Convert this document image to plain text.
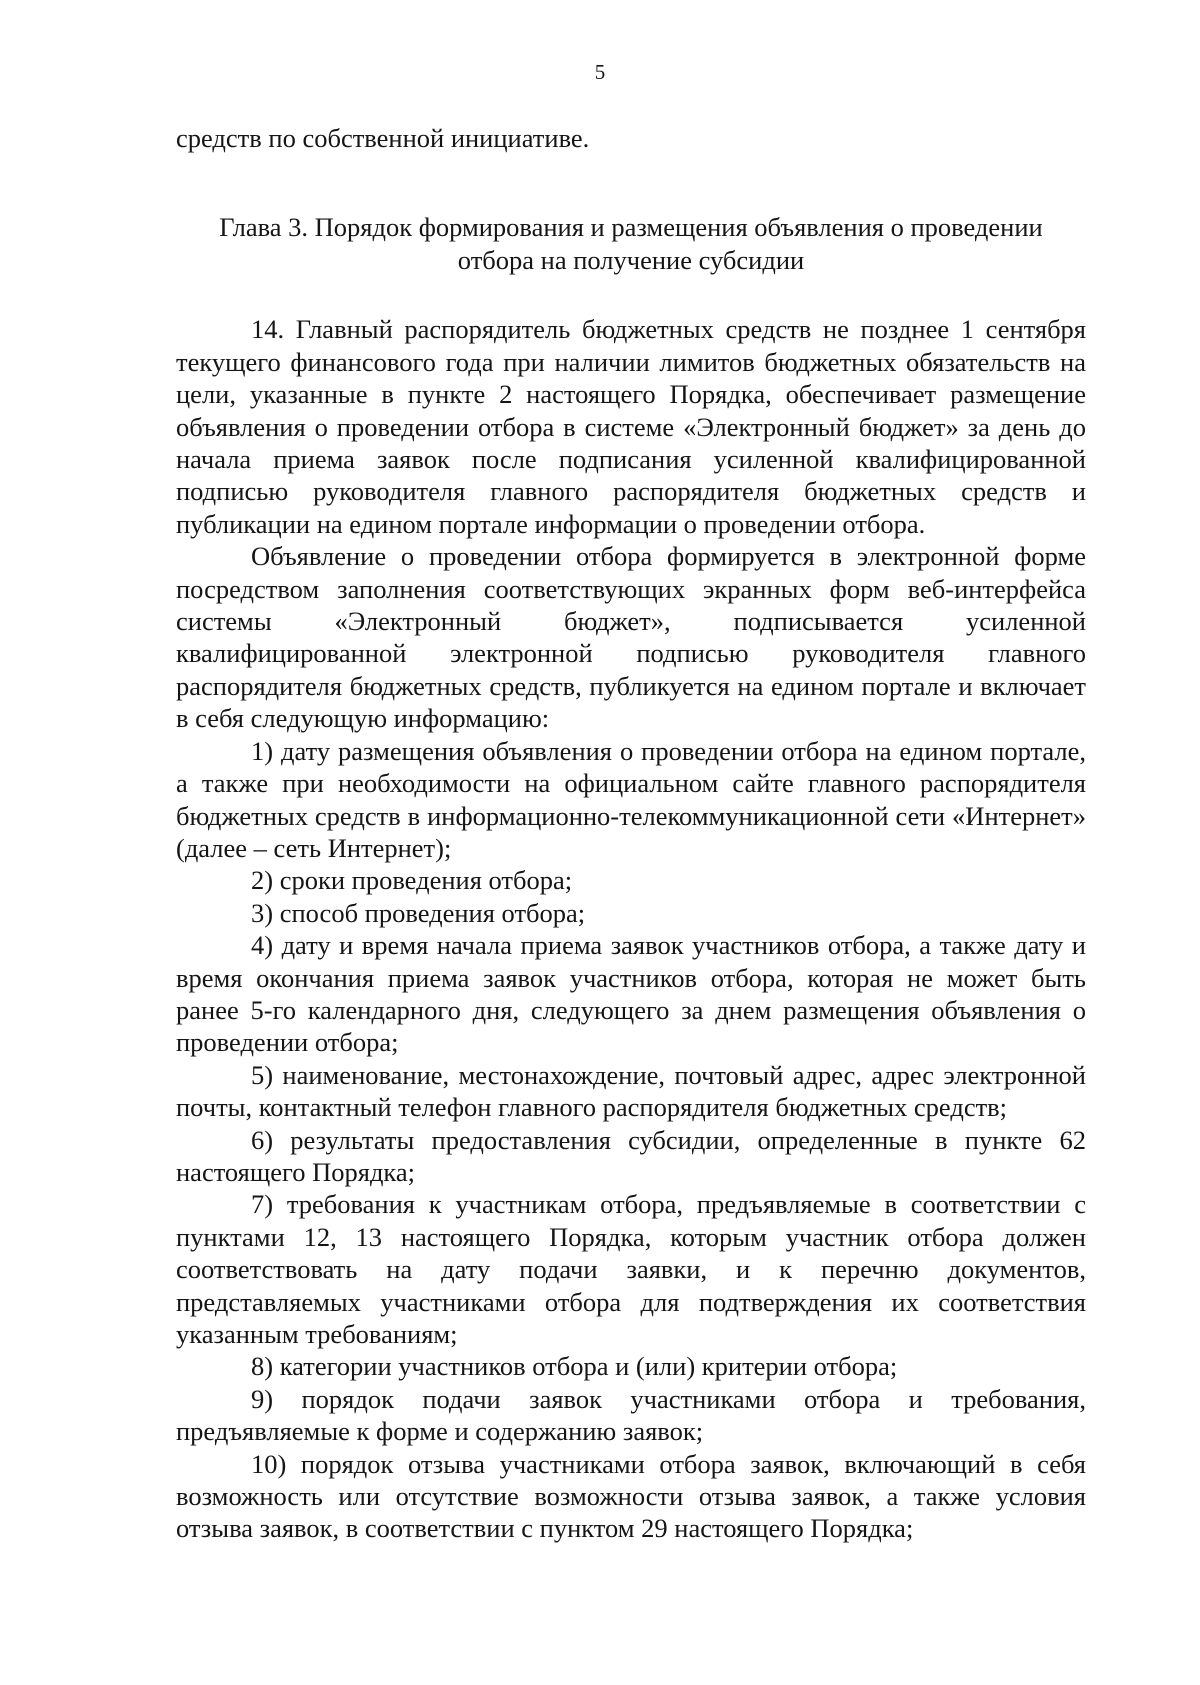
5

средств по собственной инициативе.

Глава 3. Порядок формирования и размещения объявления о проведении
отбора на получение субсидии

14. Главный распорядитель бюджетных средств не позднее 1 сентября текущего финансового года при наличии лимитов бюджетных обязательств на цели, указанные в пункте 2 настоящего Порядка, обеспечивает размещение объявления о проведении отбора в системе «Электронный бюджет» за день до начала приема заявок после подписания усиленной квалифицированной подписью руководителя главного распорядителя бюджетных средств и публикации на едином портале информации о проведении отбора.

Объявление о проведении отбора формируется в электронной форме посредством заполнения соответствующих экранных форм веб-интерфейса системы «Электронный бюджет», подписывается усиленной квалифицированной электронной подписью руководителя главного распорядителя бюджетных средств, публикуется на едином портале и включает в себя следующую информацию:

1) дату размещения объявления о проведении отбора на едином портале, а также при необходимости на официальном сайте главного распорядителя бюджетных средств в информационно-телекоммуникационной сети «Интернет» (далее – сеть Интернет);

2) сроки проведения отбора;

3) способ проведения отбора;

4) дату и время начала приема заявок участников отбора, а также дату и время окончания приема заявок участников отбора, которая не может быть ранее 5-го календарного дня, следующего за днем размещения объявления о проведении отбора;

5) наименование, местонахождение, почтовый адрес, адрес электронной почты, контактный телефон главного распорядителя бюджетных средств;

6) результаты предоставления субсидии, определенные в пункте 62 настоящего Порядка;

7) требования к участникам отбора, предъявляемые в соответствии с пунктами 12, 13 настоящего Порядка, которым участник отбора должен соответствовать на дату подачи заявки, и к перечню документов, представляемых участниками отбора для подтверждения их соответствия указанным требованиям;

8) категории участников отбора и (или) критерии отбора;

9) порядок подачи заявок участниками отбора и требования, предъявляемые к форме и содержанию заявок;

10) порядок отзыва участниками отбора заявок, включающий в себя возможность или отсутствие возможности отзыва заявок, а также условия отзыва заявок, в соответствии с пунктом 29 настоящего Порядка;
